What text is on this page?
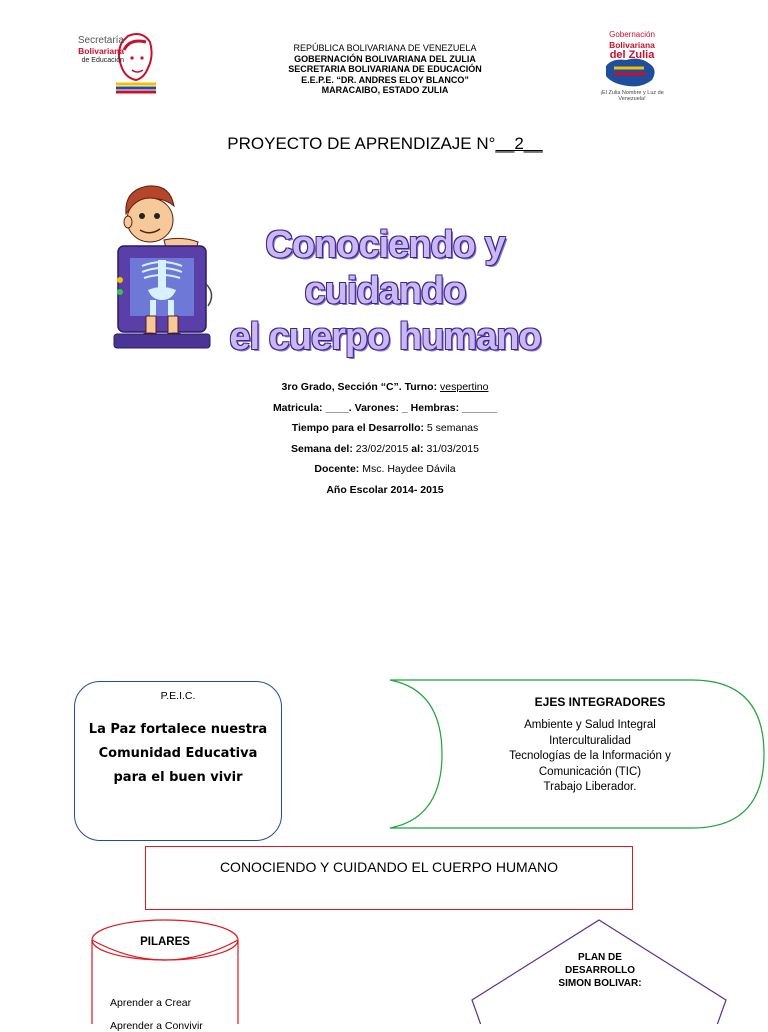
Secretaría
Bolivariana
de Educación
REPÚBLICA BOLIVARIANA DE VENEZUELA
GOBERNACIÓN BOLIVARIANA DEL ZULIA
SECRETARIA BOLIVARIANA DE EDUCACIÓN
E.E.P.E. “DR. ANDRES ELOY BLANCO”
MARACAIBO, ESTADO ZULIA
Gobernación
Bolivariana
del Zulia
¡El Zulia Nombre y Luz de Venezuela!
PROYECTO DE APRENDIZAJE N°__2__
Conociendo y cuidando
el cuerpo humano
3ro Grado, Sección “C”. Turno: vespertino
Matricula: ____. Varones: _ Hembras: ______
Tiempo para el Desarrollo: 5 semanas
Semana del: 23/02/2015 al: 31/03/2015
Docente: Msc. Haydee Dávila
Año Escolar 2014- 2015
P.E.I.C.
La Paz fortalece nuestra Comunidad Educativa para el buen vivir
EJES INTEGRADORES
Ambiente y Salud Integral
Interculturalidad
Tecnologías de la Información y Comunicación (TIC)
Trabajo Liberador.
CONOCIENDO Y CUIDANDO EL CUERPO HUMANO
PILARES
Aprender a Crear
Aprender a Convivir
PLAN DE
DESARROLLO
SIMON BOLIVAR:
